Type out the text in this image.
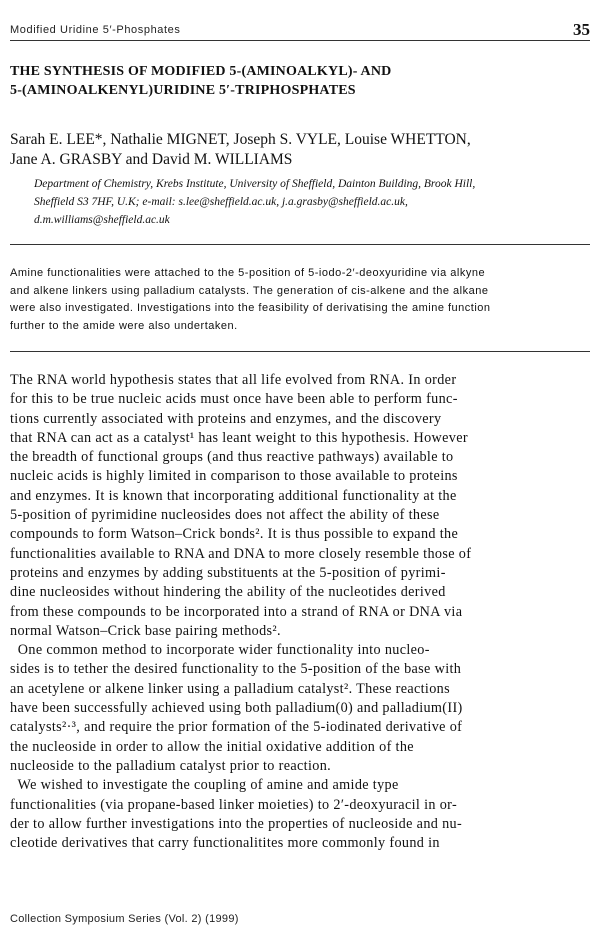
Modified Uridine 5′-Phosphates	35
THE SYNTHESIS OF MODIFIED 5-(AMINOALKYL)- AND
5-(AMINOALKENYL)URIDINE 5′-TRIPHOSPHATES
Sarah E. LEE*, Nathalie MIGNET, Joseph S. VYLE, Louise WHETTON,
Jane A. GRASBY and David M. WILLIAMS
Department of Chemistry, Krebs Institute, University of Sheffield, Dainton Building, Brook Hill,
Sheffield S3 7HF, U.K; e-mail: s.lee@sheffield.ac.uk, j.a.grasby@sheffield.ac.uk,
d.m.williams@sheffield.ac.uk
Amine functionalities were attached to the 5-position of 5-iodo-2′-deoxyuridine via alkyne
and alkene linkers using palladium catalysts. The generation of cis-alkene and the alkane
were also investigated. Investigations into the feasibility of derivatising the amine function
further to the amide were also undertaken.
The RNA world hypothesis states that all life evolved from RNA. In order
for this to be true nucleic acids must once have been able to perform func-
tions currently associated with proteins and enzymes, and the discovery
that RNA can act as a catalyst¹ has leant weight to this hypothesis. However
the breadth of functional groups (and thus reactive pathways) available to
nucleic acids is highly limited in comparison to those available to proteins
and enzymes. It is known that incorporating additional functionality at the
5-position of pyrimidine nucleosides does not affect the ability of these
compounds to form Watson–Crick bonds². It is thus possible to expand the
functionalities available to RNA and DNA to more closely resemble those of
proteins and enzymes by adding substituents at the 5-position of pyrimi-
dine nucleosides without hindering the ability of the nucleotides derived
from these compounds to be incorporated into a strand of RNA or DNA via
normal Watson–Crick base pairing methods².
One common method to incorporate wider functionality into nucleo-
sides is to tether the desired functionality to the 5-position of the base with
an acetylene or alkene linker using a palladium catalyst². These reactions
have been successfully achieved using both palladium(0) and palladium(II)
catalysts²·³, and require the prior formation of the 5-iodinated derivative of
the nucleoside in order to allow the initial oxidative addition of the
nucleoside to the palladium catalyst prior to reaction.
We wished to investigate the coupling of amine and amide type
functionalities (via propane-based linker moieties) to 2′-deoxyuracil in or-
der to allow further investigations into the properties of nucleoside and nu-
cleotide derivatives that carry functionalitites more commonly found in
Collection Symposium Series (Vol. 2) (1999)
